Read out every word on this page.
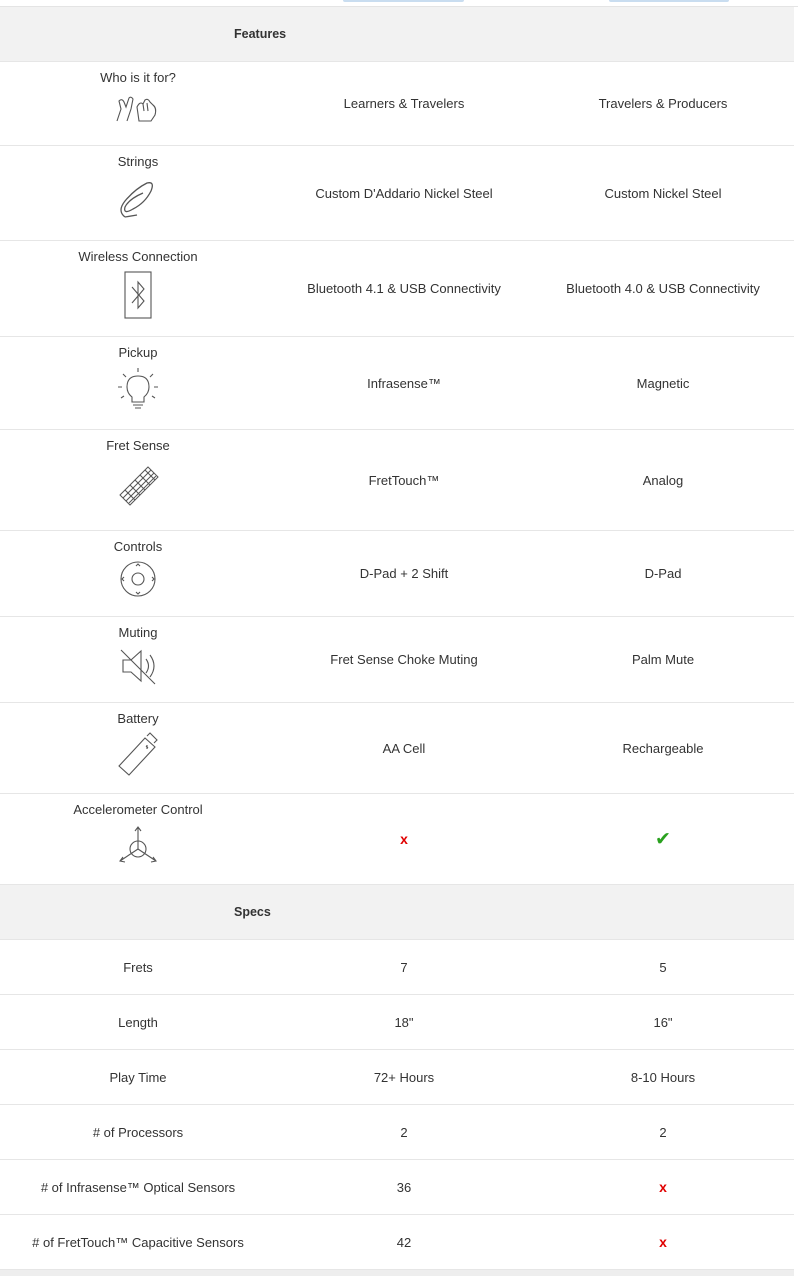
Features		

Who is it for?	Learners & Travelers	Travelers & Producers

Strings	Custom D'Addario Nickel Steel	Custom Nickel Steel

Wireless Connection	Bluetooth 4.1 & USB Connectivity	Bluetooth 4.0 & USB Connectivity

Pickup	Infrasense™	Magnetic

Fret Sense	FretTouch™	Analog

Controls	D-Pad + 2 Shift	D-Pad

Muting	Fret Sense Choke Muting	Palm Mute

Battery	AA Cell	Rechargeable

Accelerometer Control	x	✔
Specs		
Frets	7	5
Length	18"	16"
Play Time	72+ Hours	8-10 Hours
# of Processors	2	2
# of Infrasense™ Optical Sensors	36	x
# of FretTouch™ Capacitive Sensors	42	x
